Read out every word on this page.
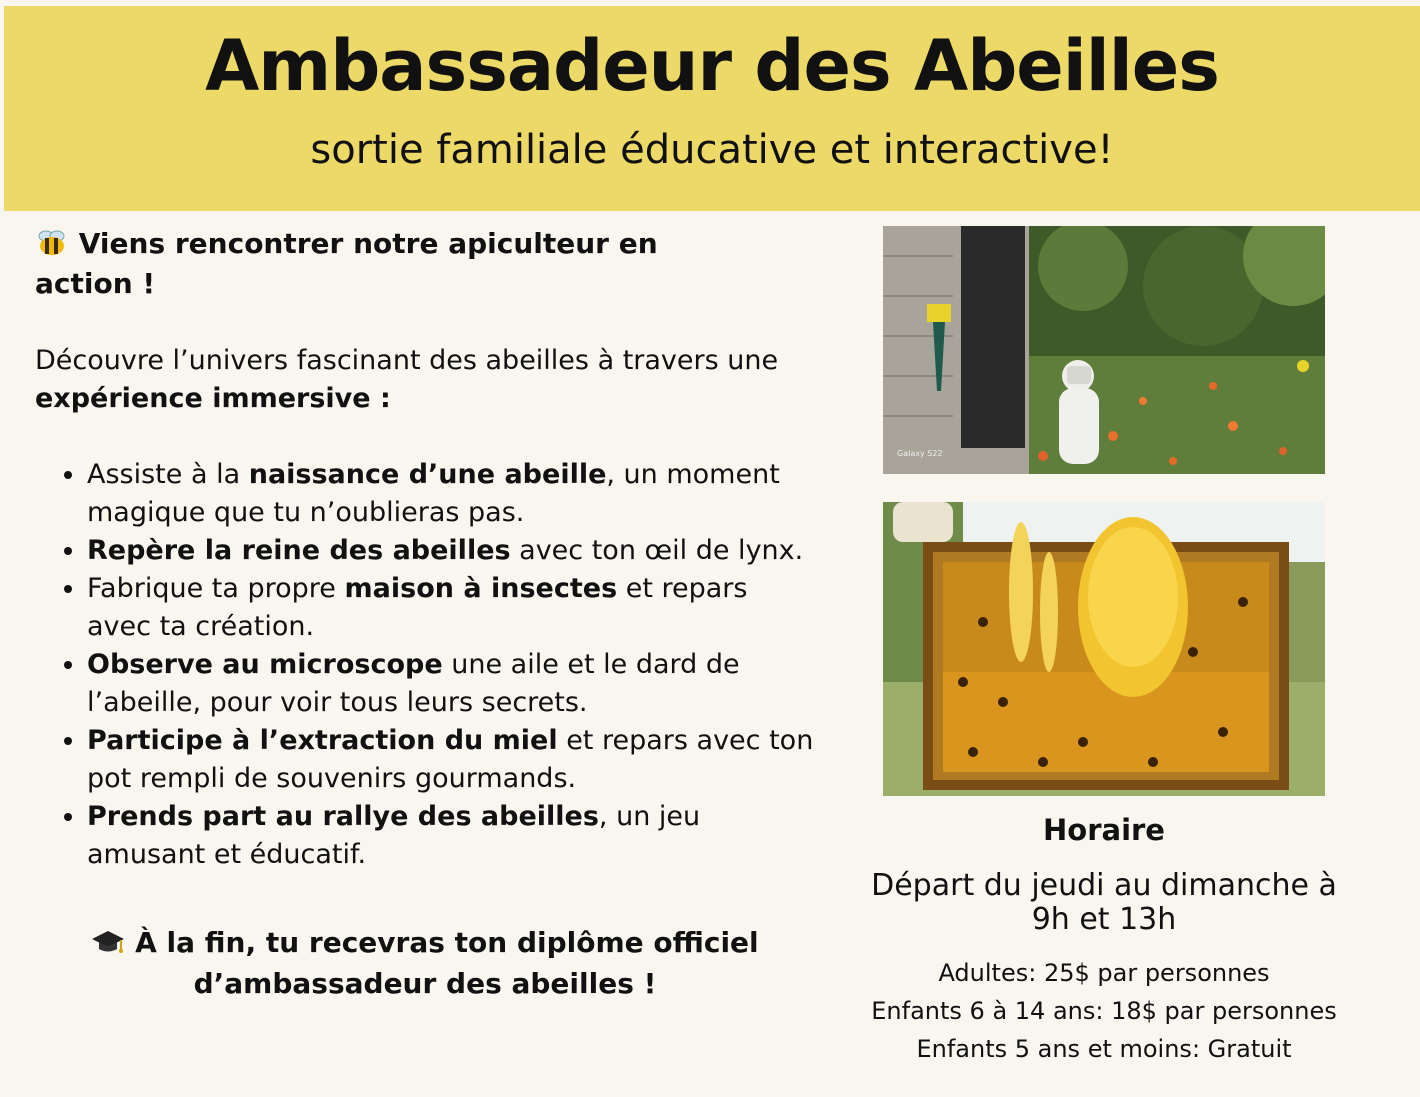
Ambassadeur des Abeilles

sortie familiale éducative et interactive!

Viens rencontrer notre apiculteur en
action !

Découvre l’univers fascinant des abeilles à travers une expérience immersive :

• Assiste à la naissance d’une abeille, un moment magique que tu n’oublieras pas.
• Repère la reine des abeilles avec ton œil de lynx.
• Fabrique ta propre maison à insectes et repars avec ta création.
• Observe au microscope une aile et le dard de l’abeille, pour voir tous leurs secrets.
• Participe à l’extraction du miel et repars avec ton pot rempli de souvenirs gourmands.
• Prends part au rallye des abeilles, un jeu amusant et éducatif.

À la fin, tu recevras ton diplôme officiel
d’ambassadeur des abeilles !

Galaxy S22
Horaire
Départ du jeudi au dimanche à
9h et 13h
Adultes: 25$ par personnes
Enfants 6 à 14 ans: 18$ par personnes
Enfants 5 ans et moins: Gratuit
